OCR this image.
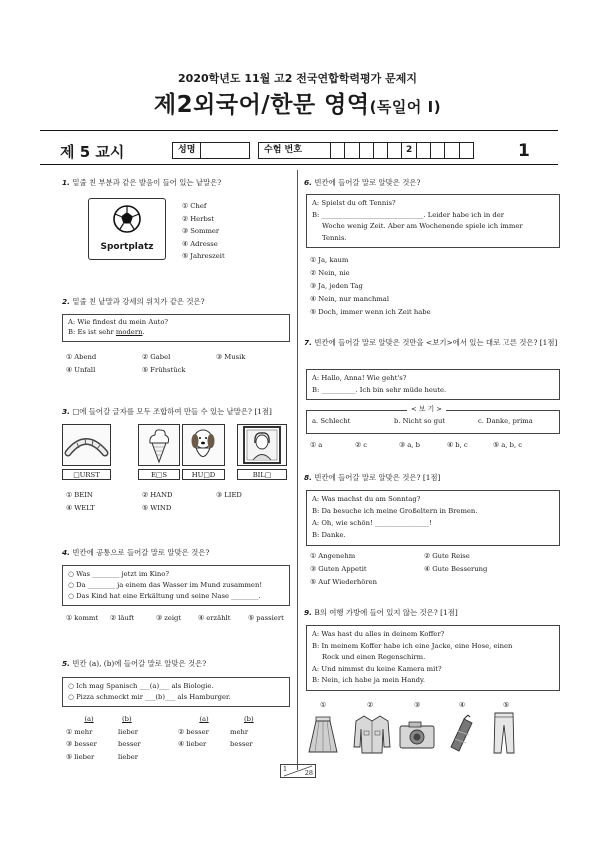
2020학년도 11월 고2 전국연합학력평가 문제지
제2외국어/한문 영역(독일어 Ⅰ)
제 5 교시	성명	수험 번호	2	1
1. 밑줄 친 부분과 같은 발음이 들어 있는 낱말은?
Sportplatz
① Chef
② Herbst
③ Sommer
④ Adresse
⑤ Jahreszeit
2. 밑줄 친 낱말과 강세의 위치가 같은 것은?
A: Wie findest du mein Auto?
B: Es ist sehr modern.
① Abend	② Gabel	③ Musik
④ Unfall	⑤ Frühstück
3. □에 들어갈 글자를 모두 조합하여 만들 수 있는 낱말은? [1점]
□URST	E□S	HU□D	BIL□
① BEIN	② HAND	③ LIED
④ WELT	⑤ WIND
4. 빈칸에 공통으로 들어갈 말로 알맞은 것은?
○ Was ________ jetzt im Kino?
○ Da ________ ja einem das Wasser im Mund zusammen!
○ Das Kind hat eine Erkältung und seine Nase ________.
① kommt	② läuft	③ zeigt	④ erzählt	⑤ passiert
5. 빈칸 (a), (b)에 들어갈 말로 알맞은 것은?
○ Ich mag Spanisch ___(a)___ als Biologie.
○ Pizza schmeckt mir ___(b)___ als Hamburger.
(a)	(b)	(a)	(b)
① mehr	lieber	② besser	mehr
③ besser	besser	④ lieber	besser
⑤ lieber	lieber
6. 빈칸에 들어갈 말로 알맞은 것은?
A: Spielst du oft Tennis?
B: ______________________________. Leider habe ich in der
Woche wenig Zeit. Aber am Wochenende spiele ich immer
Tennis.
① Ja, kaum
② Nein, nie
③ Ja, jeden Tag
④ Nein, nur manchmal
⑤ Doch, immer wenn ich Zeit habe
7. 빈칸에 들어갈 말로 알맞은 것만을 <보기>에서 있는 대로 고른 것은? [1점]
A: Hallo, Anna! Wie geht's?
B: __________. Ich bin sehr müde heute.
< 보 기 >
a. Schlecht	b. Nicht so gut	c. Danke, prima
① a	② c	③ a, b	④ b, c	⑤ a, b, c
8. 빈칸에 들어갈 말로 알맞은 것은? [1점]
A: Was machst du am Sonntag?
B: Da besuche ich meine Großeltern in Bremen.
A: Oh, wie schön! ________________!
B: Danke.
① Angenehm	② Gute Reise
③ Guten Appetit	④ Gute Besserung
⑤ Auf Wiederhören
9. B의 여행 가방에 들어 있지 않는 것은? [1점]
A: Was hast du alles in deinem Koffer?
B: In meinem Koffer habe ich eine Jacke, eine Hose, einen
Rock und einen Regenschirm.
A: Und nimmst du keine Kamera mit?
B: Nein, ich habe ja mein Handy.
①	②	③	④	⑤
1	28
